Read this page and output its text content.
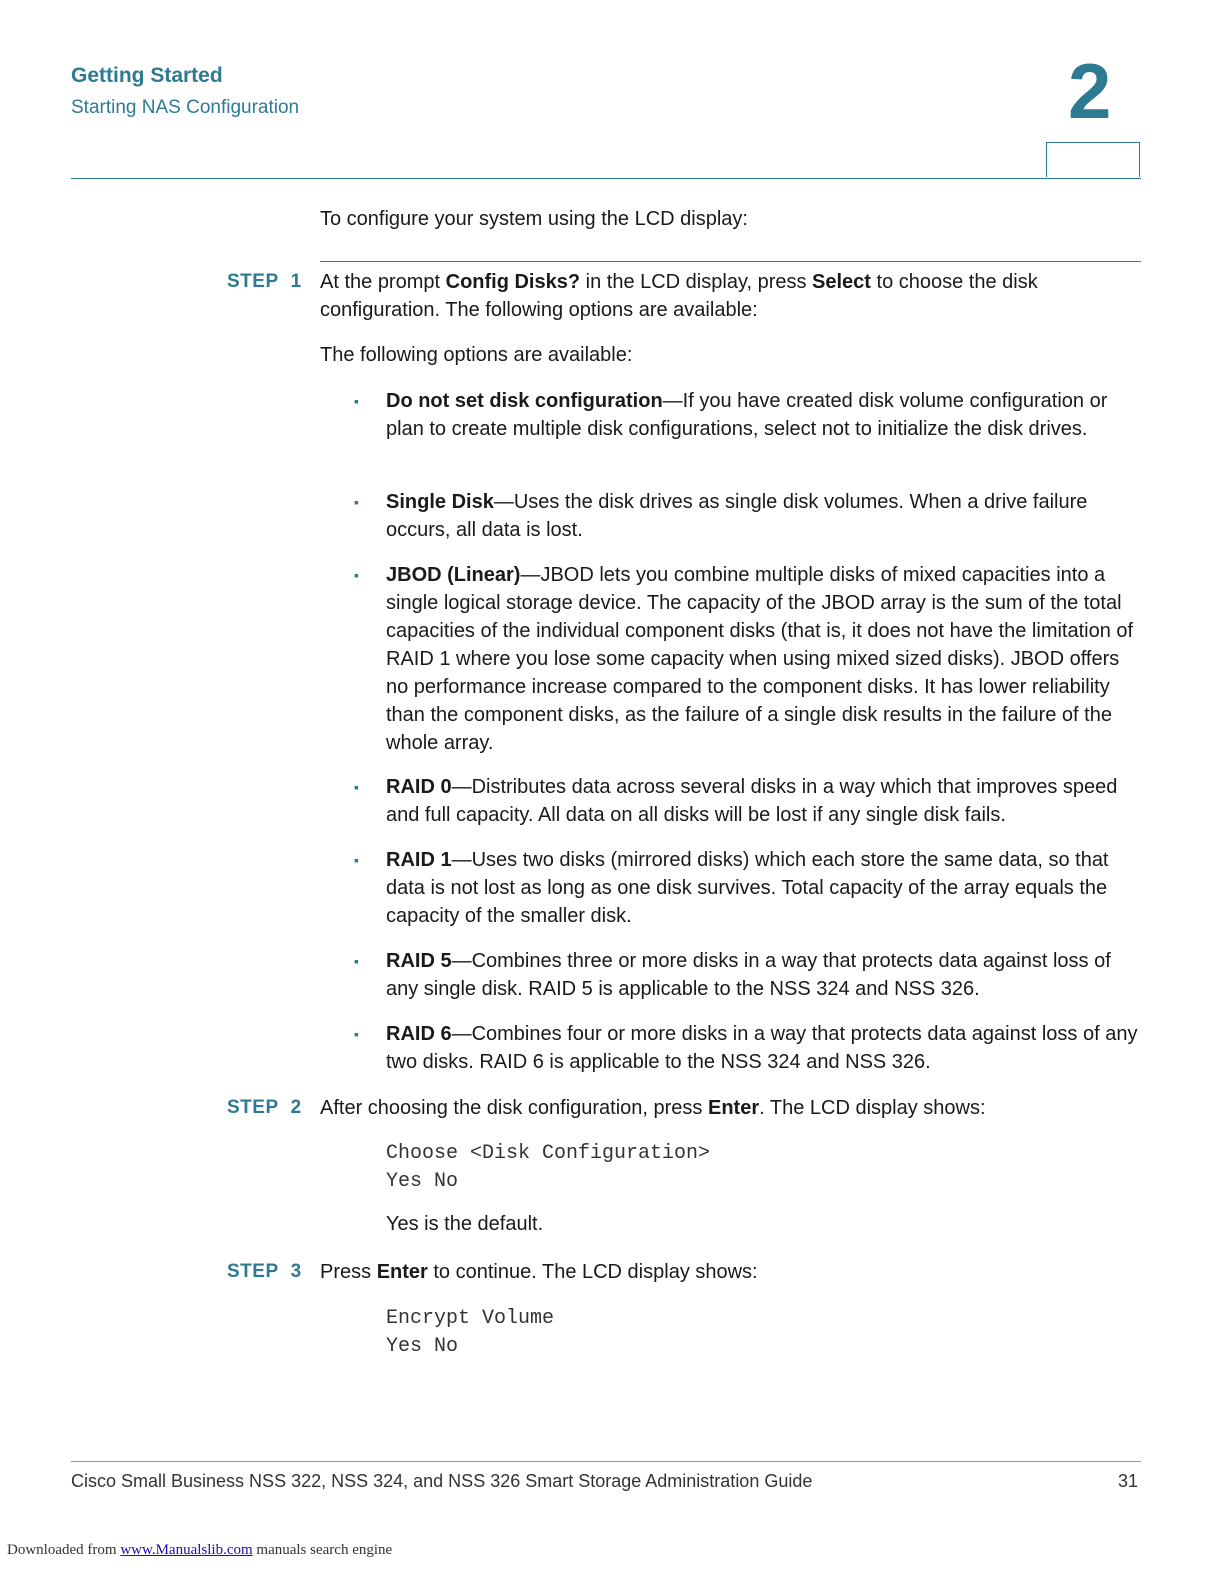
Getting Started
Starting NAS Configuration	2
To configure your system using the LCD display:
STEP 1 At the prompt Config Disks? in the LCD display, press Select to choose the disk configuration. The following options are available:
The following options are available:
▪ Do not set disk configuration—If you have created disk volume configuration or plan to create multiple disk configurations, select not to initialize the disk drives.
▪ Single Disk—Uses the disk drives as single disk volumes. When a drive failure occurs, all data is lost.
▪ JBOD (Linear)—JBOD lets you combine multiple disks of mixed capacities into a single logical storage device. The capacity of the JBOD array is the sum of the total capacities of the individual component disks (that is, it does not have the limitation of RAID 1 where you lose some capacity when using mixed sized disks). JBOD offers no performance increase compared to the component disks. It has lower reliability than the component disks, as the failure of a single disk results in the failure of the whole array.
▪ RAID 0—Distributes data across several disks in a way which that improves speed and full capacity. All data on all disks will be lost if any single disk fails.
▪ RAID 1—Uses two disks (mirrored disks) which each store the same data, so that data is not lost as long as one disk survives. Total capacity of the array equals the capacity of the smaller disk.
▪ RAID 5—Combines three or more disks in a way that protects data against loss of any single disk. RAID 5 is applicable to the NSS 324 and NSS 326.
▪ RAID 6—Combines four or more disks in a way that protects data against loss of any two disks. RAID 6 is applicable to the NSS 324 and NSS 326.
STEP 2 After choosing the disk configuration, press Enter. The LCD display shows:
Choose <Disk Configuration>
Yes No
Yes is the default.
STEP 3 Press Enter to continue. The LCD display shows:
Encrypt Volume
Yes No
Cisco Small Business NSS 322, NSS 324, and NSS 326 Smart Storage Administration Guide	31
Downloaded from www.Manualslib.com manuals search engine
